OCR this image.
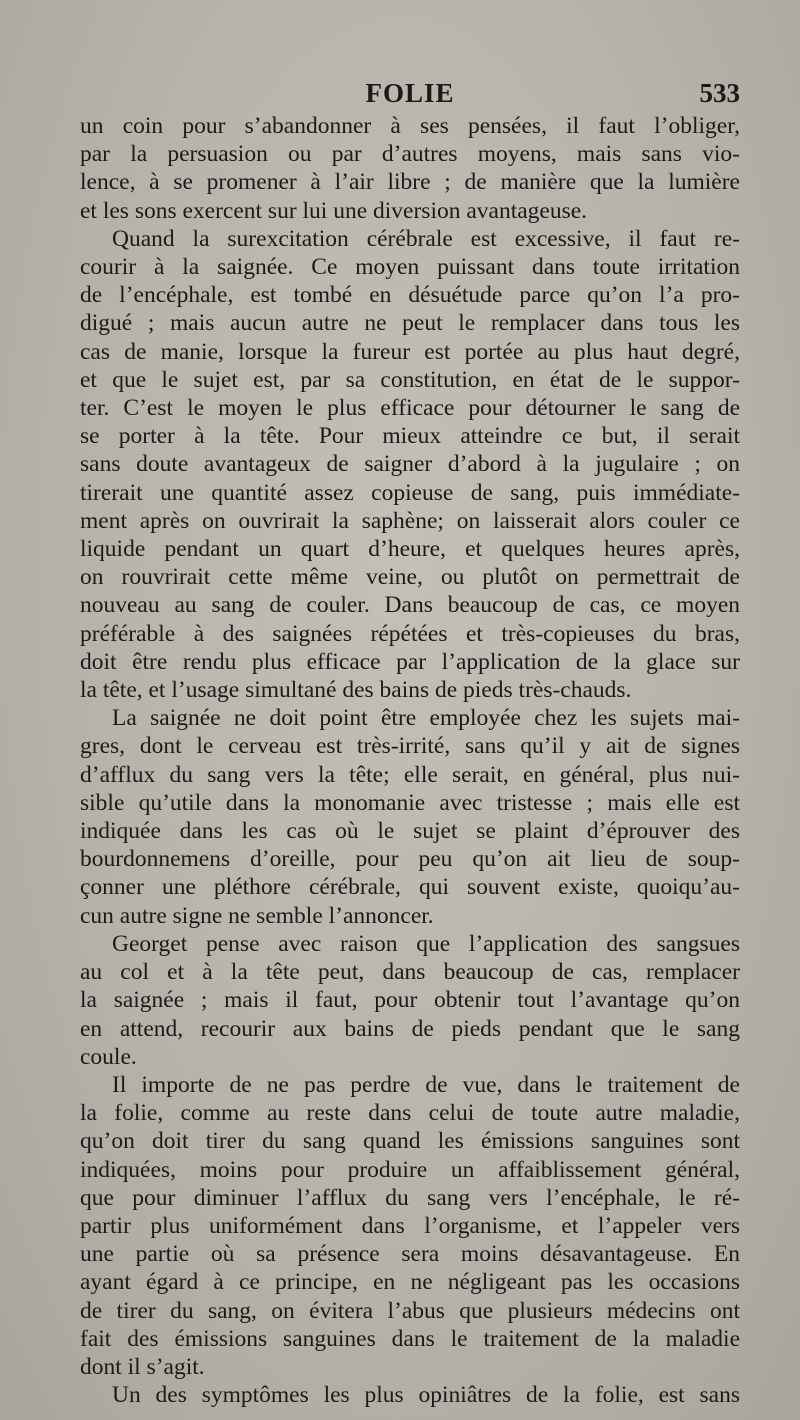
FOLIE	533
un coin pour s’abandonner à ses pensées, il faut l’obliger,
par la persuasion ou par d’autres moyens, mais sans vio-
lence, à se promener à l’air libre ; de manière que la lumière
et les sons exercent sur lui une diversion avantageuse.
Quand la surexcitation cérébrale est excessive, il faut re-
courir à la saignée. Ce moyen puissant dans toute irritation
de l’encéphale, est tombé en désuétude parce qu’on l’a pro-
digué ; mais aucun autre ne peut le remplacer dans tous les
cas de manie, lorsque la fureur est portée au plus haut degré,
et que le sujet est, par sa constitution, en état de le suppor-
ter. C’est le moyen le plus efficace pour détourner le sang de
se porter à la tête. Pour mieux atteindre ce but, il serait
sans doute avantageux de saigner d’abord à la jugulaire ; on
tirerait une quantité assez copieuse de sang, puis immédiate-
ment après on ouvrirait la saphène; on laisserait alors couler ce
liquide pendant un quart d’heure, et quelques heures après,
on rouvrirait cette même veine, ou plutôt on permettrait de
nouveau au sang de couler. Dans beaucoup de cas, ce moyen
préférable à des saignées répétées et très-copieuses du bras,
doit être rendu plus efficace par l’application de la glace sur
la tête, et l’usage simultané des bains de pieds très-chauds.
La saignée ne doit point être employée chez les sujets mai-
gres, dont le cerveau est très-irrité, sans qu’il y ait de signes
d’afflux du sang vers la tête; elle serait, en général, plus nui-
sible qu’utile dans la monomanie avec tristesse ; mais elle est
indiquée dans les cas où le sujet se plaint d’éprouver des
bourdonnemens d’oreille, pour peu qu’on ait lieu de soup-
çonner une pléthore cérébrale, qui souvent existe, quoiqu’au-
cun autre signe ne semble l’annoncer.
Georget pense avec raison que l’application des sangsues
au col et à la tête peut, dans beaucoup de cas, remplacer
la saignée ; mais il faut, pour obtenir tout l’avantage qu’on
en attend, recourir aux bains de pieds pendant que le sang
coule.
Il importe de ne pas perdre de vue, dans le traitement de
la folie, comme au reste dans celui de toute autre maladie,
qu’on doit tirer du sang quand les émissions sanguines sont
indiquées, moins pour produire un affaiblissement général,
que pour diminuer l’afflux du sang vers l’encéphale, le ré-
partir plus uniformément dans l’organisme, et l’appeler vers
une partie où sa présence sera moins désavantageuse. En
ayant égard à ce principe, en ne négligeant pas les occasions
de tirer du sang, on évitera l’abus que plusieurs médecins ont
fait des émissions sanguines dans le traitement de la maladie
dont il s’agit.
Un des symptômes les plus opiniâtres de la folie, est sans
